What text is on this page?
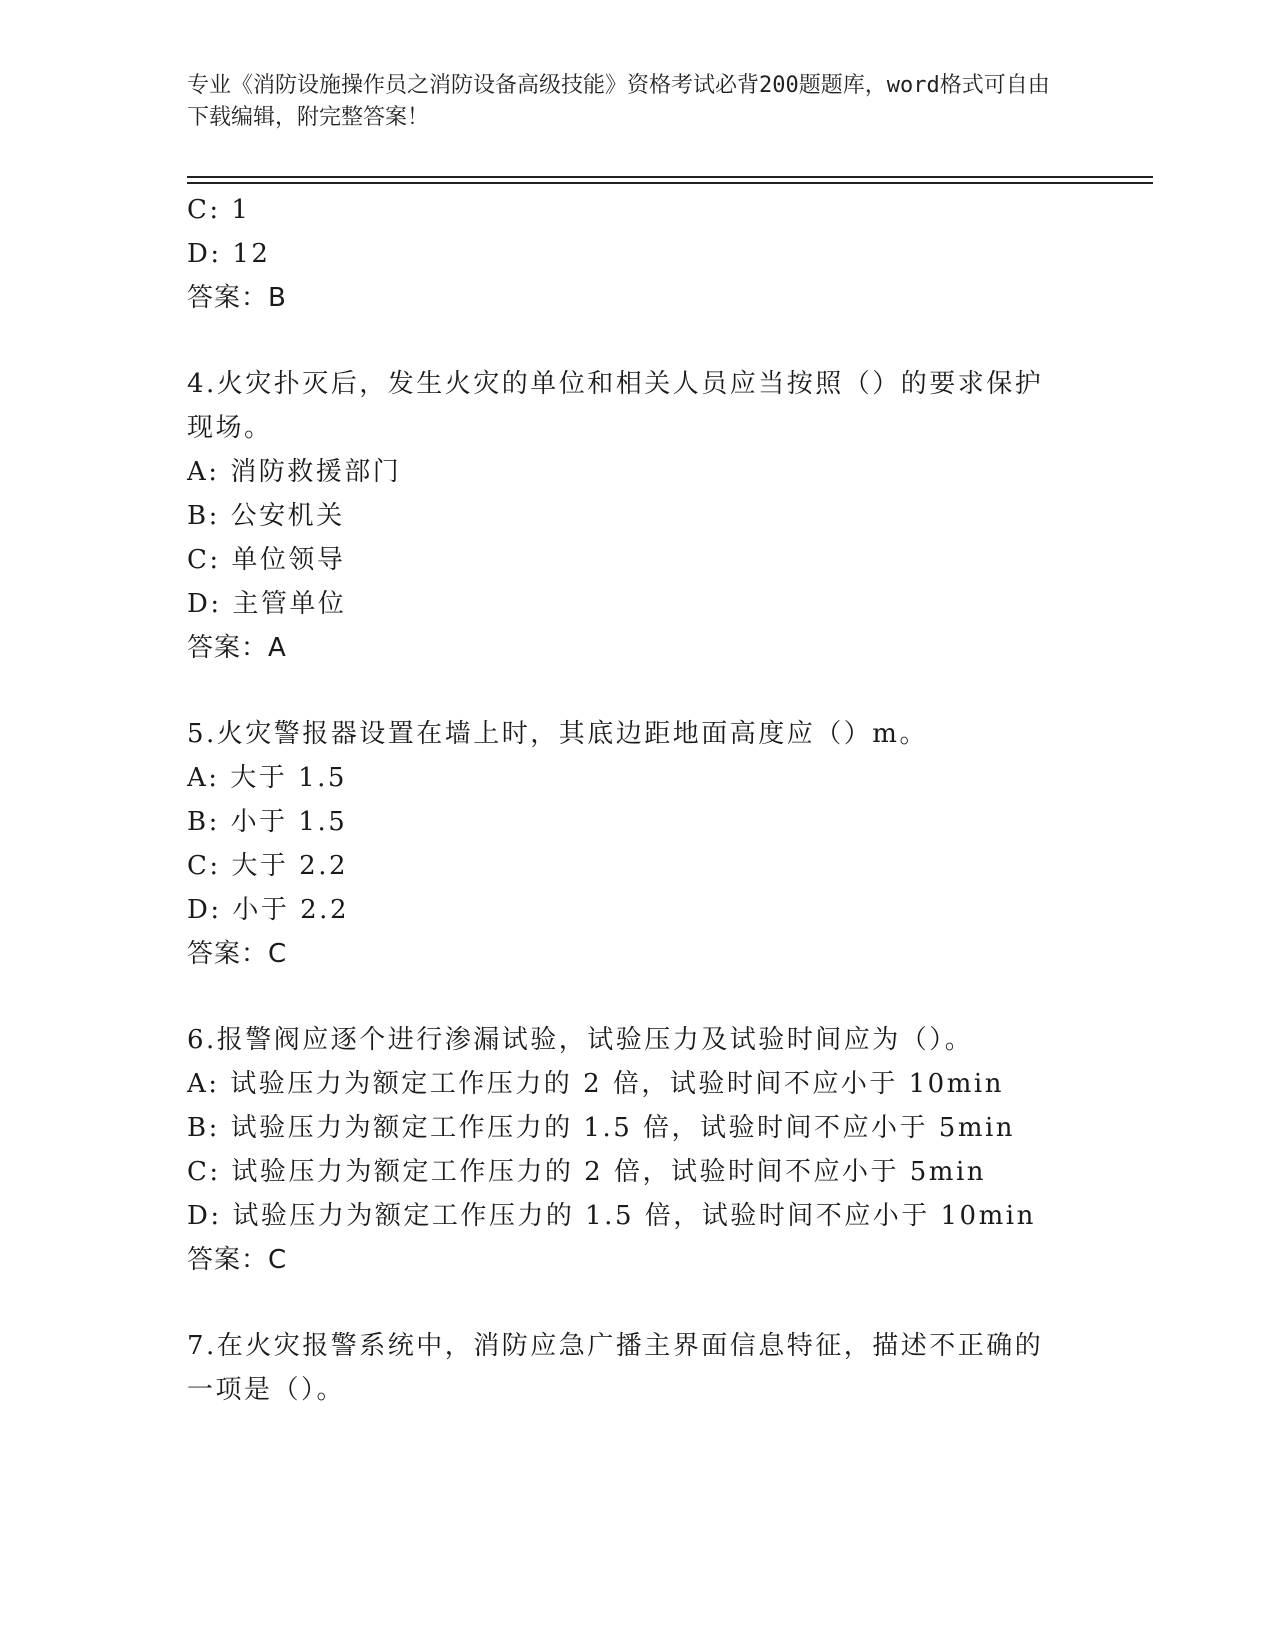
专业《消防设施操作员之消防设备高级技能》资格考试必背200题题库，word格式可自由下载编辑，附完整答案！
C: 1
D: 12
答案：B
4.火灾扑灭后，发生火灾的单位和相关人员应当按照（）的要求保护
现场。
A: 消防救援部门
B: 公安机关
C: 单位领导
D: 主管单位
答案：A
5.火灾警报器设置在墙上时，其底边距地面高度应（）m。
A: 大于 1.5
B: 小于 1.5
C: 大于 2.2
D: 小于 2.2
答案：C
6.报警阀应逐个进行渗漏试验，试验压力及试验时间应为（）。
A: 试验压力为额定工作压力的 2 倍，试验时间不应小于 10min
B: 试验压力为额定工作压力的 1.5 倍，试验时间不应小于 5min
C: 试验压力为额定工作压力的 2 倍，试验时间不应小于 5min
D: 试验压力为额定工作压力的 1.5 倍，试验时间不应小于 10min
答案：C
7.在火灾报警系统中，消防应急广播主界面信息特征，描述不正确的
一项是（）。
